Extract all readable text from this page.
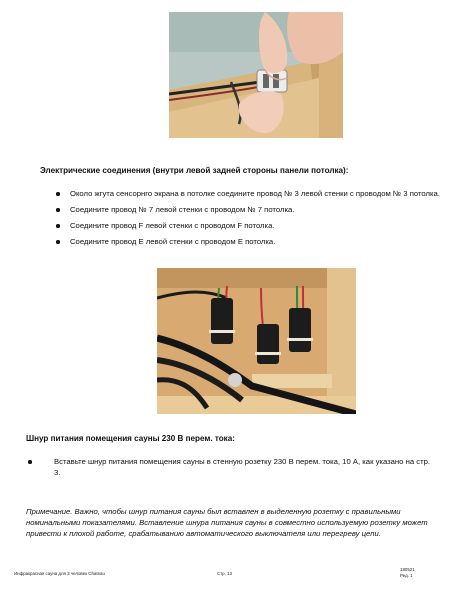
Электрические соединения (внутри левой задней стороны панели потолка):
Около жгута сенсорнго экрана в потолке соедините провод № 3 левой стенки с проводом № 3 потолка.
Соедините провод № 7 левой стенки с проводом № 7 потолка.
Соедините провод F левой стенки с проводом F потолка.
Соедините провод E левой стенки с проводом E потолка.
Шнур питания помещения сауны 230 В перем. тока:
Вставьте шнур питания помещения сауны в стенную розетку 230 В перем. тока, 10 А, как указано на стр. 3.
Примечание. Важно, чтобы шнур питания сауны был вставлен в выделенную розетку с правильными номинальными показателями. Вставление шнура питания сауны в совместно используемую розетку может привести к плохой работе, срабатыванию автоматического выключателя или перегреву цепи.
Инфракрасная сауна для 3 человек Chateau	Стр. 13
180521
Ред. 1
